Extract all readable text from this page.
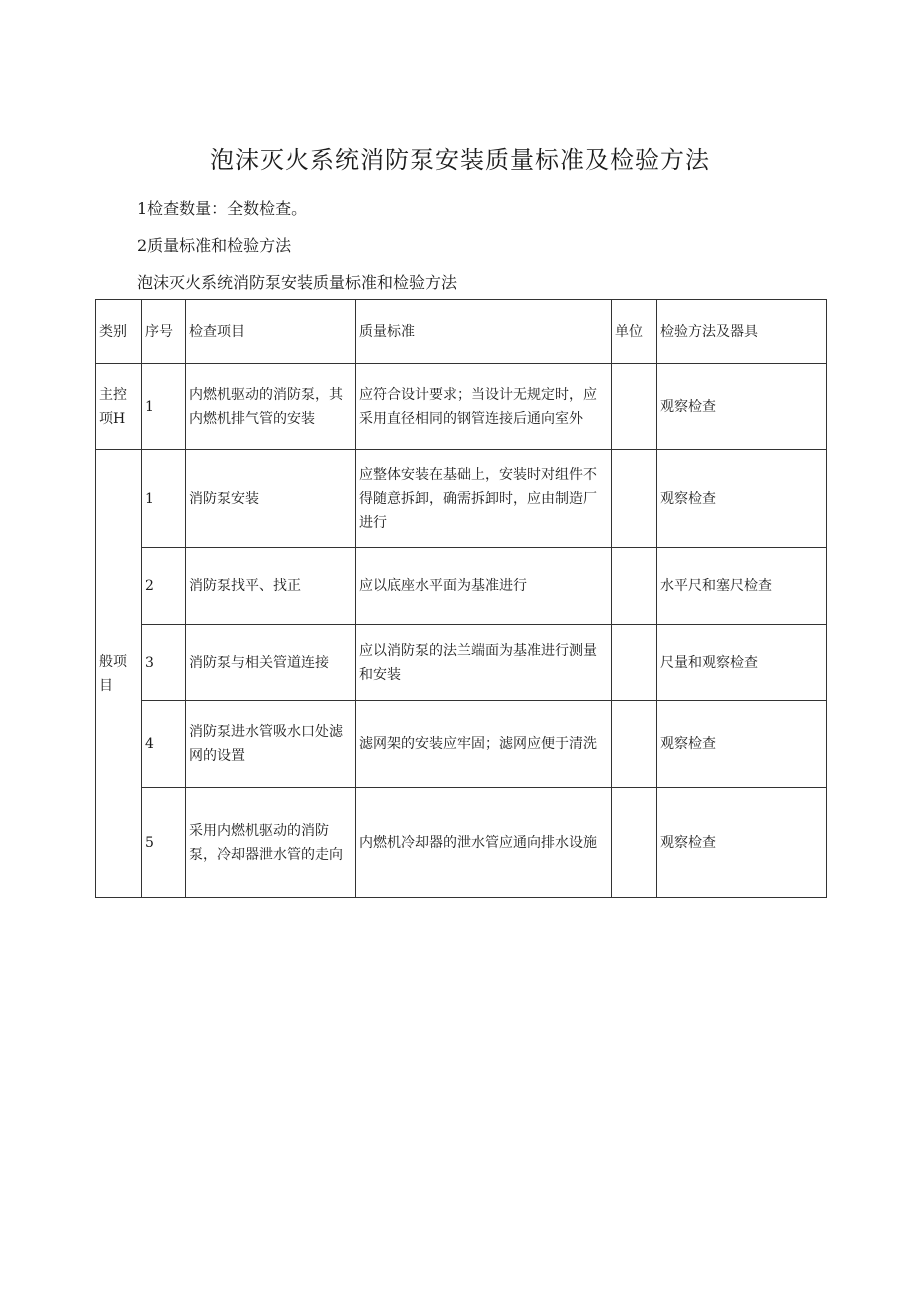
泡沫灭火系统消防泵安装质量标准及检验方法
1检查数量：全数检查。
2质量标准和检验方法
泡沫灭火系统消防泵安装质量标准和检验方法
类别	序号	检查项目	质量标准	单位	检验方法及器具
主控项H	1	内燃机驱动的消防泵，其内燃机排气管的安装	应符合设计要求；当设计无规定时，应采用直径相同的钢管连接后通向室外		观察检查
般项目	1	消防泵安装	应整体安装在基础上，安装时对组件不得随意拆卸，确需拆卸时，应由制造厂进行		观察检查
	2	消防泵找平、找正	应以底座水平面为基准进行		水平尺和塞尺检查
	3	消防泵与相关管道连接	应以消防泵的法兰端面为基准进行测量和安装		尺量和观察检查
	4	消防泵进水管吸水口处滤网的设置	滤网架的安装应牢固；滤网应便于清洗		观察检查
	5	采用内燃机驱动的消防泵，冷却器泄水管的走向	内燃机冷却器的泄水管应通向排水设施		观察检查
